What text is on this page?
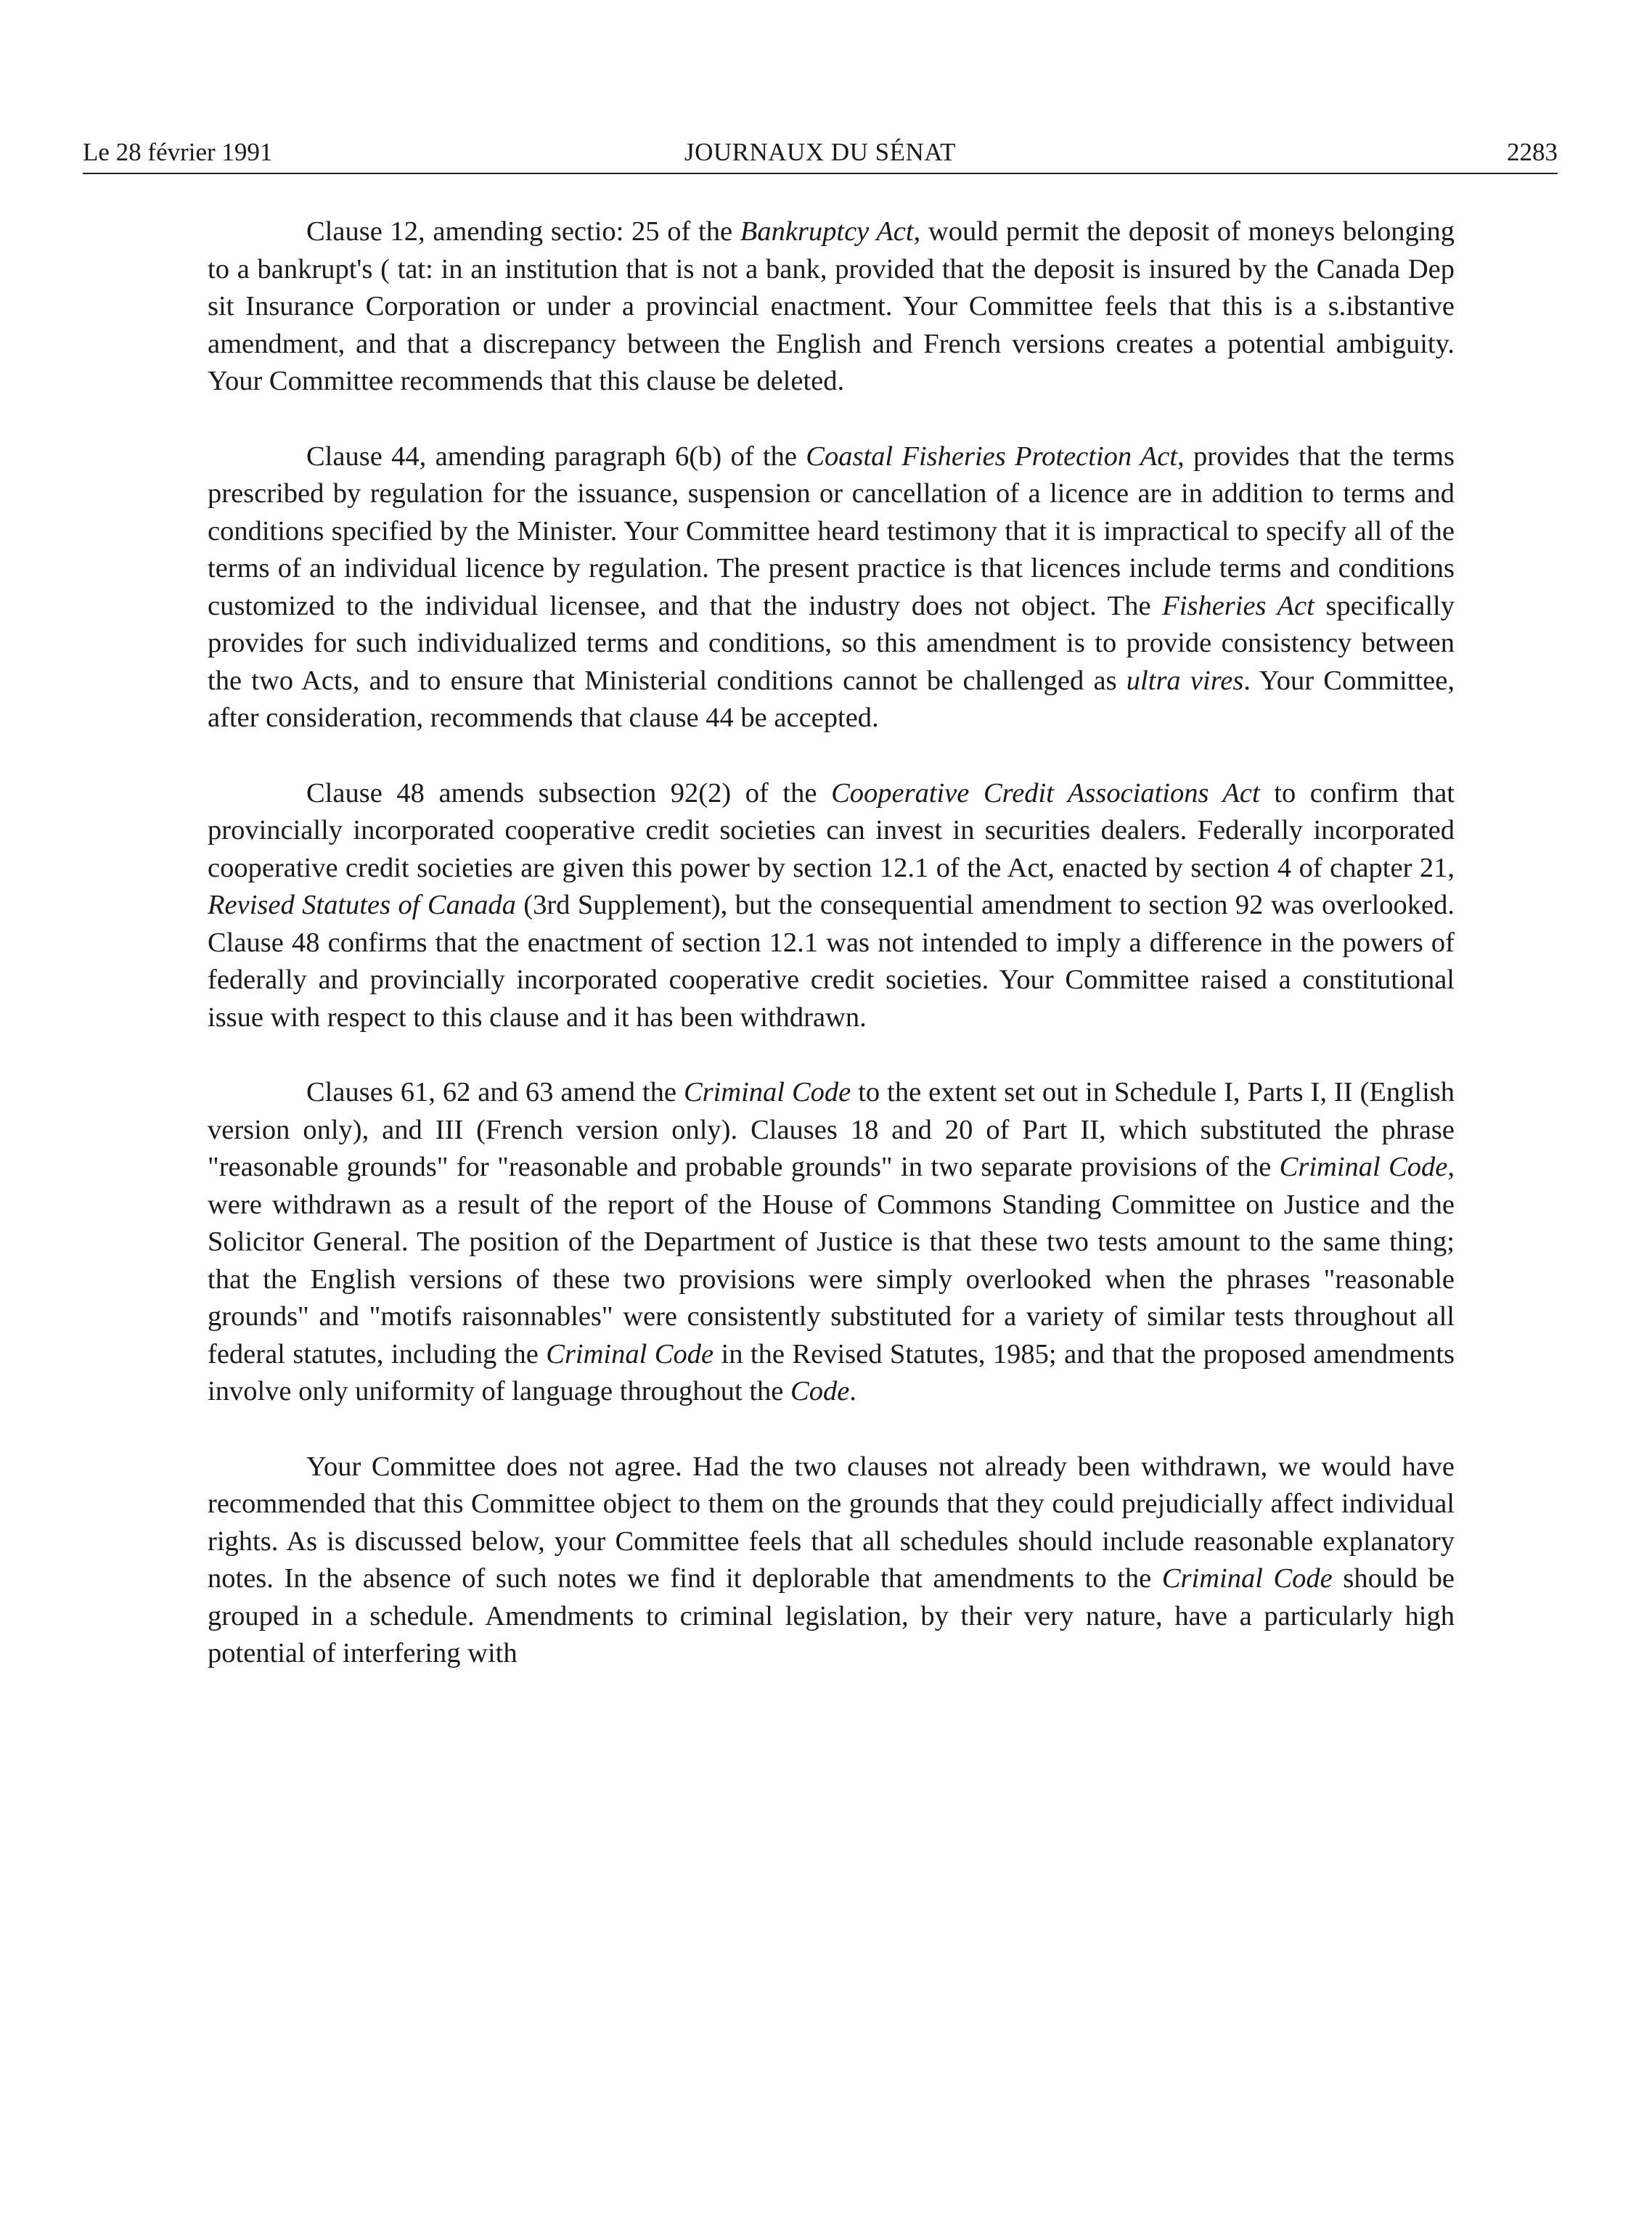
Le 28 février 1991	JOURNAUX DU SÉNAT	2283

Clause 12, amending sectio: 25 of the Bankruptcy Act, would permit the deposit of moneys belonging to a bankrupt's ( tat: in an institution that is not a bank, provided that the deposit is insured by the Canada Dep sit Insurance Corporation or under a provincial enactment. Your Committee feels that this is a s.ibstantive amendment, and that a discrepancy between the English and French versions creates a potential ambiguity. Your Committee recommends that this clause be deleted.

Clause 44, amending paragraph 6(b) of the Coastal Fisheries Protection Act, provides that the terms prescribed by regulation for the issuance, suspension or cancellation of a licence are in addition to terms and conditions specified by the Minister. Your Committee heard testimony that it is impractical to specify all of the terms of an individual licence by regulation. The present practice is that licences include terms and conditions customized to the individual licensee, and that the industry does not object. The Fisheries Act specifically provides for such individualized terms and conditions, so this amendment is to provide consistency between the two Acts, and to ensure that Ministerial conditions cannot be challenged as ultra vires. Your Committee, after consideration, recommends that clause 44 be accepted.

Clause 48 amends subsection 92(2) of the Cooperative Credit Associations Act to confirm that provincially incorporated cooperative credit societies can invest in securities dealers. Federally incorporated cooperative credit societies are given this power by section 12.1 of the Act, enacted by section 4 of chapter 21, Revised Statutes of Canada (3rd Supplement), but the consequential amendment to section 92 was overlooked. Clause 48 confirms that the enactment of section 12.1 was not intended to imply a difference in the powers of federally and provincially incorporated cooperative credit societies. Your Committee raised a constitutional issue with respect to this clause and it has been withdrawn.

Clauses 61, 62 and 63 amend the Criminal Code to the extent set out in Schedule I, Parts I, II (English version only), and III (French version only). Clauses 18 and 20 of Part II, which substituted the phrase "reasonable grounds" for "reasonable and probable grounds" in two separate provisions of the Criminal Code, were withdrawn as a result of the report of the House of Commons Standing Committee on Justice and the Solicitor General. The position of the Department of Justice is that these two tests amount to the same thing; that the English versions of these two provisions were simply overlooked when the phrases "reasonable grounds" and "motifs raisonnables" were consistently substituted for a variety of similar tests throughout all federal statutes, including the Criminal Code in the Revised Statutes, 1985; and that the proposed amendments involve only uniformity of language throughout the Code.

Your Committee does not agree. Had the two clauses not already been withdrawn, we would have recommended that this Committee object to them on the grounds that they could prejudicially affect individual rights. As is discussed below, your Committee feels that all schedules should include reasonable explanatory notes. In the absence of such notes we find it deplorable that amendments to the Criminal Code should be grouped in a schedule. Amendments to criminal legislation, by their very nature, have a particularly high potential of interfering with
